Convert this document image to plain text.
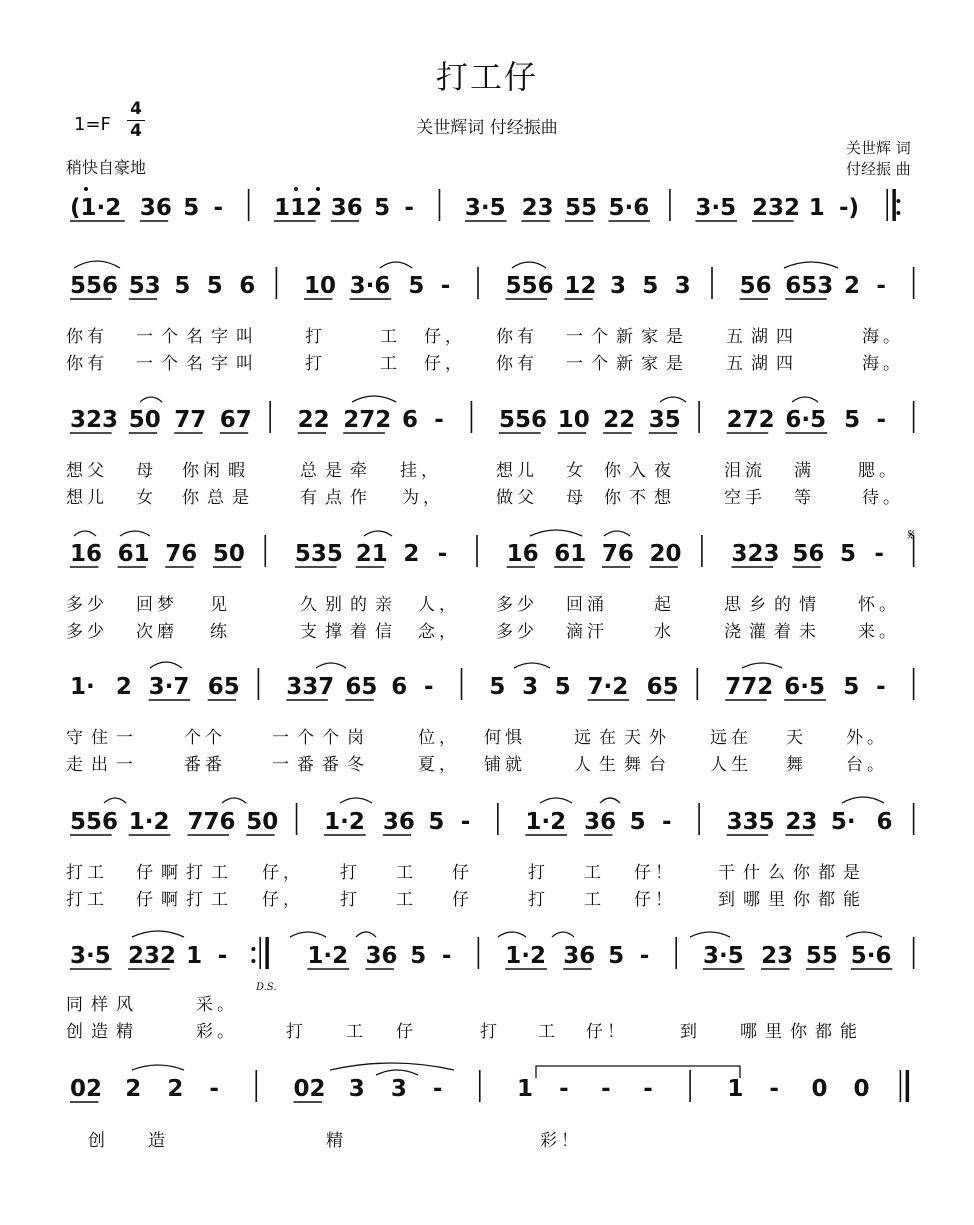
打工仔
关世辉词 付经振曲
1=F
4
4
稍快自豪地
关世辉 词
付经振 曲
(1·2 36 5 - 112 36 5 - 3·5 23 55 5·6 3·5 232 1 -)
556 53 5 5 6 10 3·6 5 - 556 12 3 5 3 56 653 2 -
323 50 77 67 22 272 6 - 556 10 22 35 272 6·5 5 -
16 61 76 50 535 21 2 -	16 61 76 20 323 56 5 -
1· 2 3·7 65 337 65 6 - 5 3 5 7·2 65 772 6·5 5 -
556 1·2 776 50 1·2 36 5 - 1·2 36 5 - 335 23 5· 6
3·5 232 1 -	1·2 36 5 - 1·2 36 5 - 3·5 23 55 5·6
02 2 2 -	02 3 3 -	1 - - -	1 - 0 0
𝄋
D.S.
你有 一个名字叫	打	工 仔， 你有 一个新家是 五湖四	海。
你有 一个名字叫	打	工 仔， 你有 一个新家是 五湖四	海。
想父 母 你闲 暇	总是牵 挂，	想儿 女 你入夜	泪流 满	腮。
想儿 女 你总是	有点作 为，	做父 母 你不想	空手 等	待。
多少 回梦 见	久别的亲 人， 多少 回涌	起	思乡的情 怀。
多少 次磨 练	支撑着信 念， 多少 滴汗	水	浇灌着未 来。
守住一	个个	一个个岗	位， 何惧	远在天外 远在 天 外。
走出一	番番	一番番冬	夏， 铺就	人生舞台 人生 舞 台。
打工 仔啊打工 仔， 打 工 仔	打 工 仔！ 干什么你都是
打工 仔啊打工 仔， 打 工 仔	打 工 仔！ 到哪里你都能
同样风	采。
创造精	彩。	打 工 仔	打 工 仔！	到 哪里你都能
创 造	精	彩！
